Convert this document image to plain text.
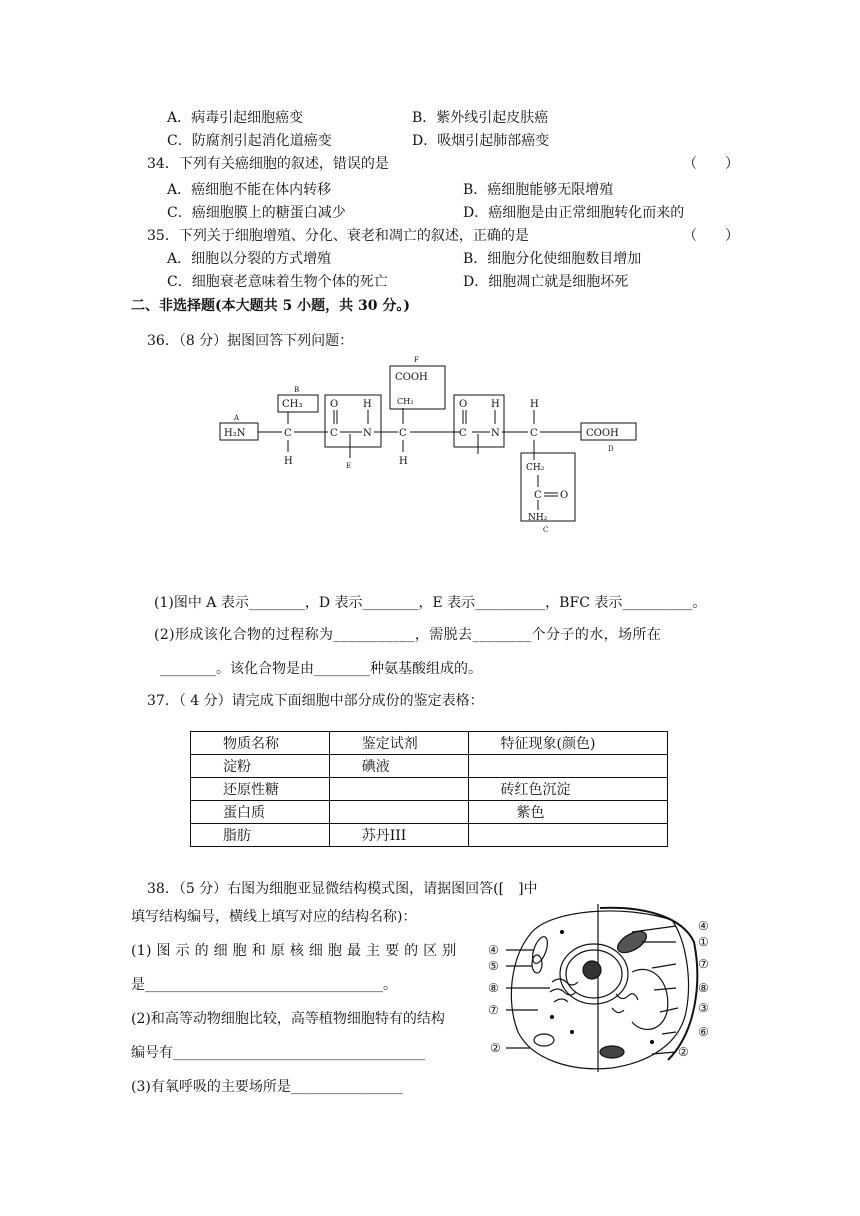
A．病毒引起细胞癌变	B．紫外线引起皮肤癌
C．防腐剂引起消化道癌变	D．吸烟引起肺部癌变
34．下列有关癌细胞的叙述，错误的是	（　　）
A．癌细胞不能在体内转移	B．癌细胞能够无限增殖
C．癌细胞膜上的糖蛋白减少	D．癌细胞是由正常细胞转化而来的
35．下列关于细胞增殖、分化、衰老和凋亡的叙述，正确的是	（　　）
A．细胞以分裂的方式增殖	B．细胞分化使细胞数目增加
C．细胞衰老意味着生物个体的死亡	D．细胞凋亡就是细胞坏死
二、非选择题(本大题共 5 小题，共 30 分。)
36．（8 分）据图回答下列问题：
A
B
F
E
D
C
H₂N
CH₃
COOH
CH₂
COOH
CH₂
NH₂
C
H
O
C
H
N	C
H
O
C
H
N
H
C
C O
(1)图中 A 表示________，D 表示________，E 表示__________，BFC 表示__________。
(2)形成该化合物的过程称为___________，需脱去________个分子的水，场所在
________。该化合物是由________种氨基酸组成的。
37．（ 4 分）请完成下面细胞中部分成份的鉴定表格：
物质名称	鉴定试剂	特征现象(颜色)
淀粉	碘液	
还原性糖		砖红色沉淀
蛋白质		紫色
脂肪	苏丹III	
38．（5 分）右图为细胞亚显微结构模式图，请据图回答([　]中
填写结构编号，横线上填写对应的结构名称)：
(1) 图 示 的 细 胞 和 原 核 细 胞 最 主 要 的 区 别
是__________________________________。
(2)和高等动物细胞比较，高等植物细胞特有的结构
编号有____________________________________
(3)有氧呼吸的主要场所是________________
④
⑤
⑧
⑦
②
④
①
⑦
⑧
③
⑥
②
